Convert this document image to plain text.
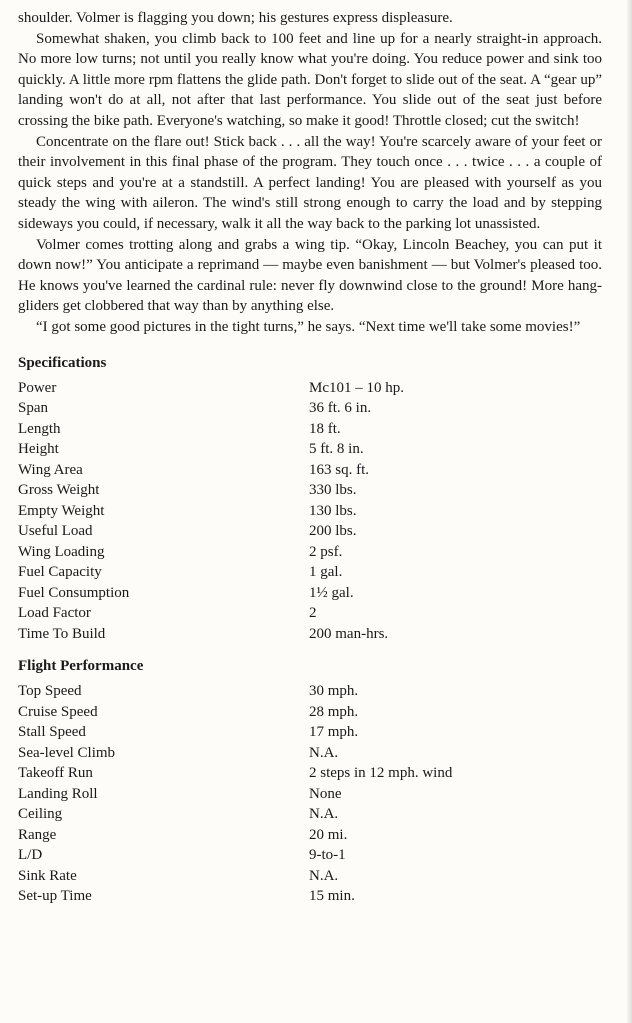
shoulder. Volmer is flagging you down; his gestures express displeasure.

Somewhat shaken, you climb back to 100 feet and line up for a nearly straight-in approach. No more low turns; not until you really know what you're doing. You reduce power and sink too quickly. A little more rpm flattens the glide path. Don't forget to slide out of the seat. A “gear up” landing won't do at all, not after that last performance. You slide out of the seat just before crossing the bike path. Everyone's watching, so make it good! Throttle closed; cut the switch!

Concentrate on the flare out! Stick back . . . all the way! You're scarcely aware of your feet or their involvement in this final phase of the program. They touch once . . . twice . . . a couple of quick steps and you're at a standstill. A perfect landing! You are pleased with yourself as you steady the wing with aileron. The wind's still strong enough to carry the load and by stepping sideways you could, if necessary, walk it all the way back to the parking lot unassisted.

Volmer comes trotting along and grabs a wing tip. “Okay, Lincoln Beachey, you can put it down now!” You anticipate a reprimand — maybe even banishment — but Volmer's pleased too. He knows you've learned the cardinal rule: never fly downwind close to the ground! More hang-gliders get clobbered that way than by anything else.

“I got some good pictures in the tight turns,” he says. “Next time we'll take some movies!”

Specifications
Power	Mc101 – 10 hp.
Span	36 ft. 6 in.
Length	18 ft.
Height	5 ft. 8 in.
Wing Area	163 sq. ft.
Gross Weight	330 lbs.
Empty Weight	130 lbs.
Useful Load	200 lbs.
Wing Loading	2 psf.
Fuel Capacity	1 gal.
Fuel Consumption	1½ gal.
Load Factor	2
Time To Build	200 man-hrs.
Flight Performance
Top Speed	30 mph.
Cruise Speed	28 mph.
Stall Speed	17 mph.
Sea-level Climb	N.A.
Takeoff Run	2 steps in 12 mph. wind
Landing Roll	None
Ceiling	N.A.
Range	20 mi.
L/D	9-to-1
Sink Rate	N.A.
Set-up Time	15 min.
